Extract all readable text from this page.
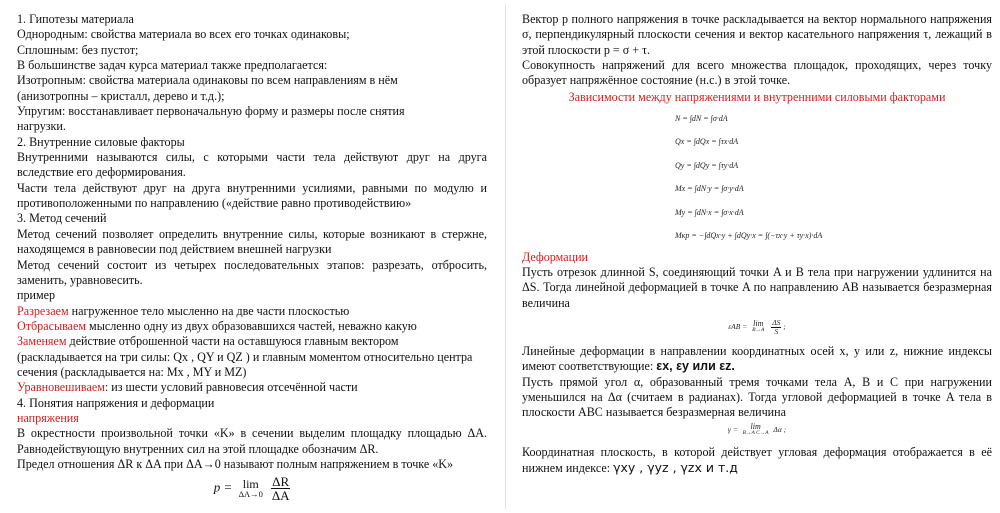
1. Гипотезы материала

Однородным: свойства материала во всех его точках одинаковы;

Сплошным: без пустот;

В большинстве задач курса материал также предполагается:

Изотропным: свойства материала одинаковы по всем направлениям в нём

(анизотропны – кристалл, дерево и т.д.);

Упругим: восстанавливает первоначальную форму и размеры после снятия

нагрузки.

2. Внутренние силовые факторы

Внутренними называются силы, с которыми части тела действуют друг на друга вследствие его деформирования.

Части тела действуют друг на друга внутренними усилиями, равными по модулю и противоположенными по направлению («действие равно противодействию»

3. Метод сечений

Метод сечений позволяет определить внутренние силы, которые возникают в стержне, находящемся в равновесии под действием внешней нагрузки

Метод сечений состоит из четырех последовательных этапов: разрезать, отбросить, заменить, уравновесить.

пример

Разрезаем нагруженное тело мысленно на две части плоскостью

Отбрасываем мысленно одну из двух образовавшихся частей, неважно какую

Заменяем действие отброшенной части на оставшуюся главным вектором

(раскладывается на три силы: Qх , QY и QZ ) и главным моментом относительно центра

сечения (раскладывается на: Mх , MY и MZ)

Уравновешиваем: из шести условий равновесия отсечённой части

4. Понятия напряжения и деформации

напряжения

В окрестности произвольной точки «K» в сечении выделим площадку площадью ΔA. Равнодействующую внутренних сил на этой площадке обозначим ΔR.

Предел отношения ΔR к ΔA при ΔA→0 называют полным напряжением в точке «K»

p = lim
ΔA→0
$\frac{\Delta R}{\Delta A}$

Вектор p полного напряжения в точке раскладывается на вектор нормального напряжения σ, перпендикулярный плоскости сечения и вектор касательного напряжения τ, лежащий в этой плоскости p = σ + τ.

Совокупность напряжений для всего множества площадок, проходящих, через точку образует напряжённое состояние (н.с.) в этой точке.

Зависимости между напряжениями и внутренними силовыми факторами

N = ∫dN = ∫σ·dA
Qx = ∫dQx = ∫τx·dA
Qy = ∫dQy = ∫τy·dA
Mx = ∫dN·y = ∫σ·y·dA
My = ∫dN·x = ∫σ·x·dA
Mкр = −∫dQx·y + ∫dQy·x = ∫(−τx·y + τy·x)·dA

Деформации

Пусть отрезок длинной S, соединяющий точки A и B тела при нагружении удлинится на ΔS. Тогда линейной деформацией в точке A по направлению AB называется безразмерная величина

εAB = lim
B→A
$\frac{\Delta S}{S}$ ;

Линейные деформации в направлении координатных осей x, y или z, нижние индексы имеют соответствующие: εx, εy или εz.

Пусть прямой угол α, образованный тремя точками тела A, B и C при нагружении уменьшился на Δα (считаем в радианах). Тогда угловой деформацией в точке A тела в плоскости ABC называется безразмерная величина

γ =	lim
B→A C→A Δα ;

Координатная плоскость, в которой действует угловая деформация отображается в её нижнем индексе: γxy , γyz , γzx и т.д
